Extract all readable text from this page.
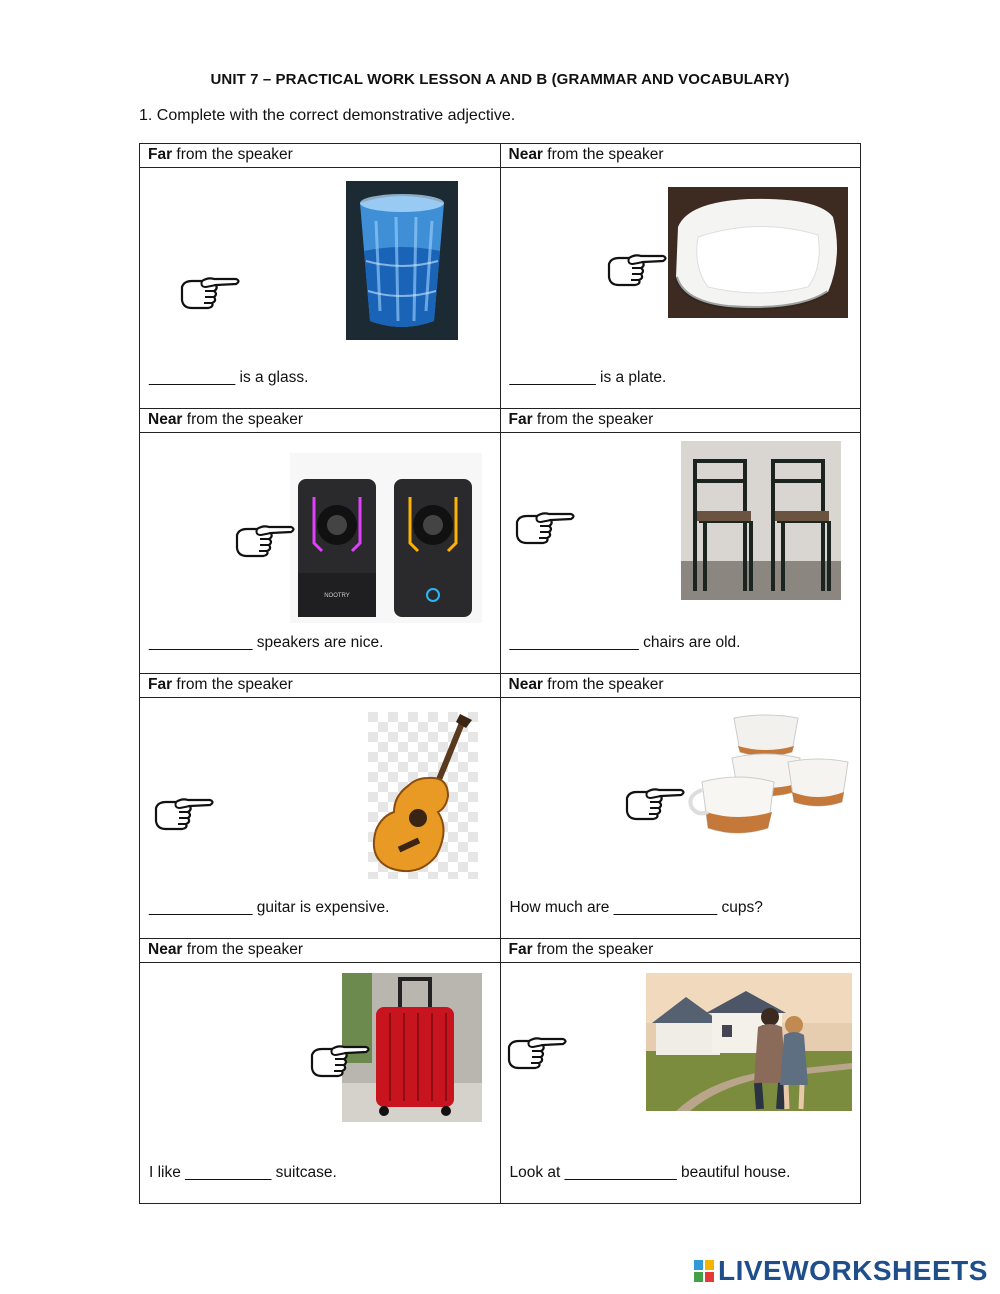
UNIT 7 – PRACTICAL WORK LESSON A AND B (GRAMMAR AND VOCABULARY)
1. Complete with the correct demonstrative adjective.
Far from the speaker	Near from the speaker

__________ is a glass.	__________ is a plate.

Near from the speaker	Far from the speaker

NOOTRY
____________ speakers are nice.	_______________ chairs are old.

Far from the speaker	Near from the speaker

____________ guitar is expensive.	How much are ____________ cups?

Near from the speaker	Far from the speaker

I like __________ suitcase.	Look at _____________ beautiful house.
LIVEWORKSHEETS
